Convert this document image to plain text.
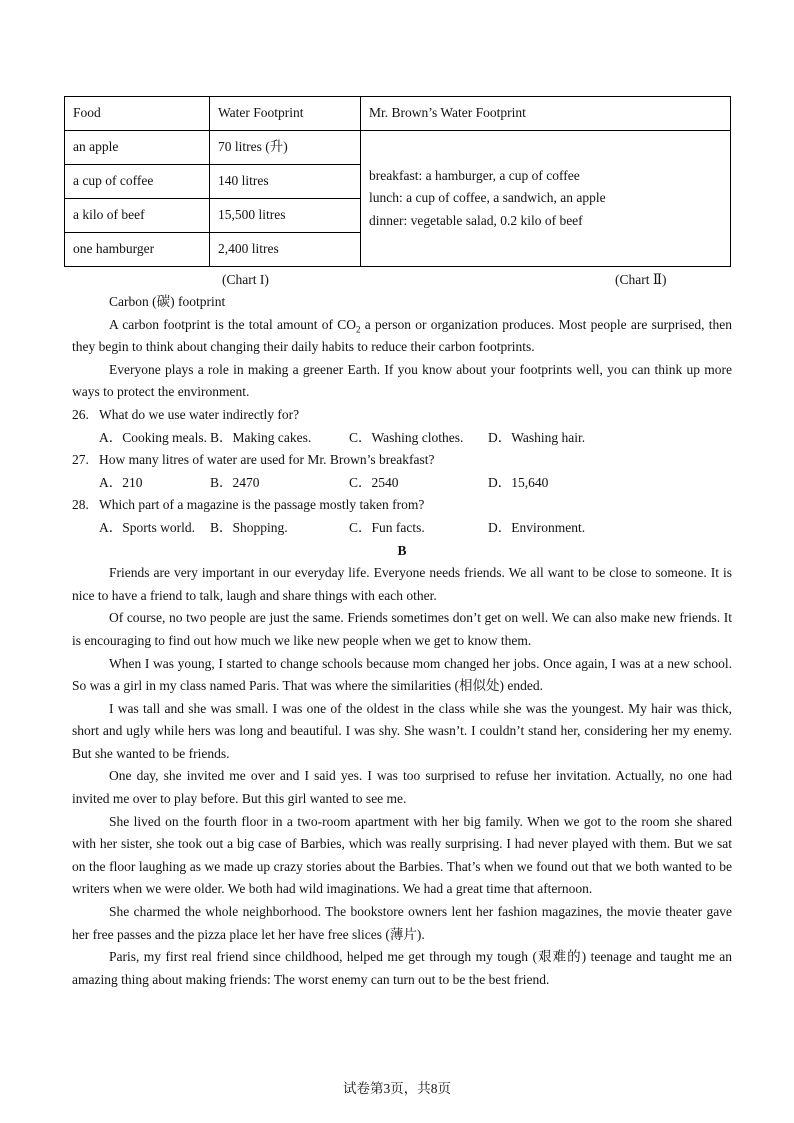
Food	Water Footprint	Mr. Brown’s Water Footprint
an apple	70 litres (升)	breakfast: a hamburger, a cup of coffee
lunch: a cup of coffee, a sandwich, an apple
dinner: vegetable salad, 0.2 kilo of beef

a cup of coffee	140 litres	
a kilo of beef	15,500 litres	
one hamburger	2,400 litres	
(Chart I)	(Chart Ⅱ)

Carbon (碳) footprint

A carbon footprint is the total amount of $CO_2$ a person or organization produces. Most people are surprised, then they begin to think about changing their daily habits to reduce their carbon footprints.

Everyone plays a role in making a greener Earth. If you know about your footprints well, you can think up more ways to protect the environment.

26. What do we use water indirectly for?

A．Cooking meals. B．Making cakes.	C．Washing clothes. D．Washing hair.

27. How many litres of water are used for Mr. Brown’s breakfast?

A．210	B．2470	C．2540	D．15,640

28. Which part of a magazine is the passage mostly taken from?

A．Sports world. B．Shopping.	C．Fun facts.	D．Environment.

B

Friends are very important in our everyday life. Everyone needs friends. We all want to be close to someone. It is nice to have a friend to talk, laugh and share things with each other.

Of course, no two people are just the same. Friends sometimes don’t get on well. We can also make new friends. It is encouraging to find out how much we like new people when we get to know them.

When I was young, I started to change schools because mom changed her jobs. Once again, I was at a new school. So was a girl in my class named Paris. That was where the similarities (相似处) ended.

I was tall and she was small. I was one of the oldest in the class while she was the youngest. My hair was thick, short and ugly while hers was long and beautiful. I was shy. She wasn’t. I couldn’t stand her, considering her my enemy. But she wanted to be friends.

One day, she invited me over and I said yes. I was too surprised to refuse her invitation. Actually, no one had invited me over to play before. But this girl wanted to see me.

She lived on the fourth floor in a two-room apartment with her big family. When we got to the room she shared with her sister, she took out a big case of Barbies, which was really surprising. I had never played with them. But we sat on the floor laughing as we made up crazy stories about the Barbies. That’s when we found out that we both wanted to be writers when we were older. We both had wild imaginations. We had a great time that afternoon.

She charmed the whole neighborhood. The bookstore owners lent her fashion magazines, the movie theater gave her free passes and the pizza place let her have free slices (薄片).

Paris, my first real friend since childhood, helped me get through my tough (艰难的) teenage and taught me an amazing thing about making friends: The worst enemy can turn out to be the best friend.

试卷第3页，共8页
